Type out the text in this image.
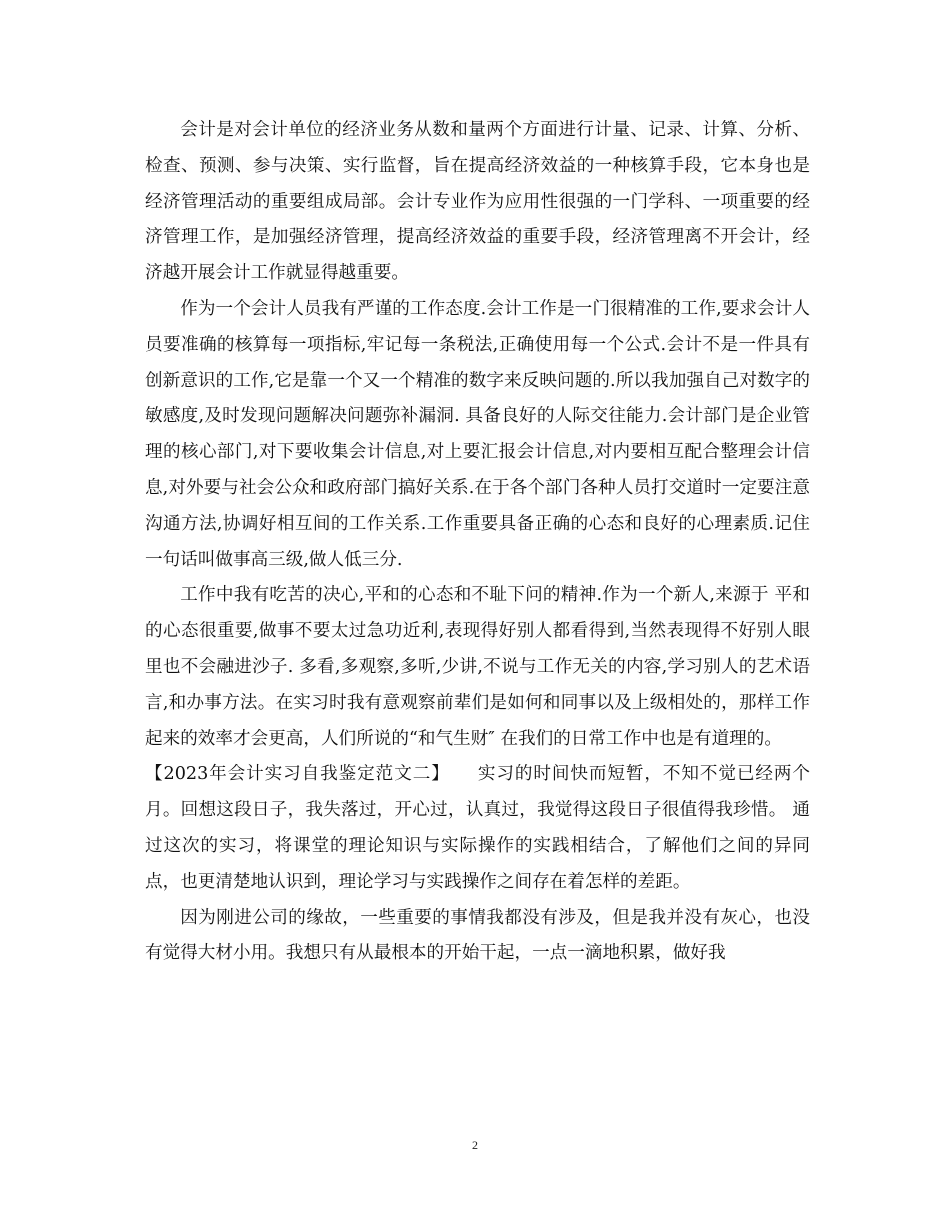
会计是对会计单位的经济业务从数和量两个方面进行计量、记录、计算、分析、检查、预测、参与决策、实行监督，旨在提高经济效益的一种核算手段，它本身也是经济管理活动的重要组成局部。会计专业作为应用性很强的一门学科、一项重要的经济管理工作，是加强经济管理，提高经济效益的重要手段，经济管理离不开会计，经济越开展会计工作就显得越重要。

作为一个会计人员我有严谨的工作态度.会计工作是一门很精准的工作,要求会计人员要准确的核算每一项指标,牢记每一条税法,正确使用每一个公式.会计不是一件具有创新意识的工作,它是靠一个又一个精准的数字来反映问题的.所以我加强自己对数字的敏感度,及时发现问题解决问题弥补漏洞. 具备良好的人际交往能力.会计部门是企业管理的核心部门,对下要收集会计信息,对上要汇报会计信息,对内要相互配合整理会计信息,对外要与社会公众和政府部门搞好关系.在于各个部门各种人员打交道时一定要注意沟通方法,协调好相互间的工作关系.工作重要具备正确的心态和良好的心理素质.记住一句话叫做事高三级,做人低三分.

工作中我有吃苦的决心,平和的心态和不耻下问的精神.作为一个新人,来源于 平和的心态很重要,做事不要太过急功近利,表现得好别人都看得到,当然表现得不好别人眼里也不会融进沙子. 多看,多观察,多听,少讲,不说与工作无关的内容,学习别人的艺术语言,和办事方法。在实习时我有意观察前辈们是如何和同事以及上级相处的，那样工作起来的效率才会更高，人们所说的“和气生财″ 在我们的日常工作中也是有道理的。

【2023年会计实习自我鉴定范文二】　　实习的时间快而短暂，不知不觉已经两个月。回想这段日子，我失落过，开心过，认真过，我觉得这段日子很值得我珍惜。 通过这次的实习，将课堂的理论知识与实际操作的实践相结合，了解他们之间的异同点，也更清楚地认识到，理论学习与实践操作之间存在着怎样的差距。

因为刚进公司的缘故，一些重要的事情我都没有涉及，但是我并没有灰心，也没有觉得大材小用。我想只有从最根本的开始干起，一点一滴地积累，做好我

2
